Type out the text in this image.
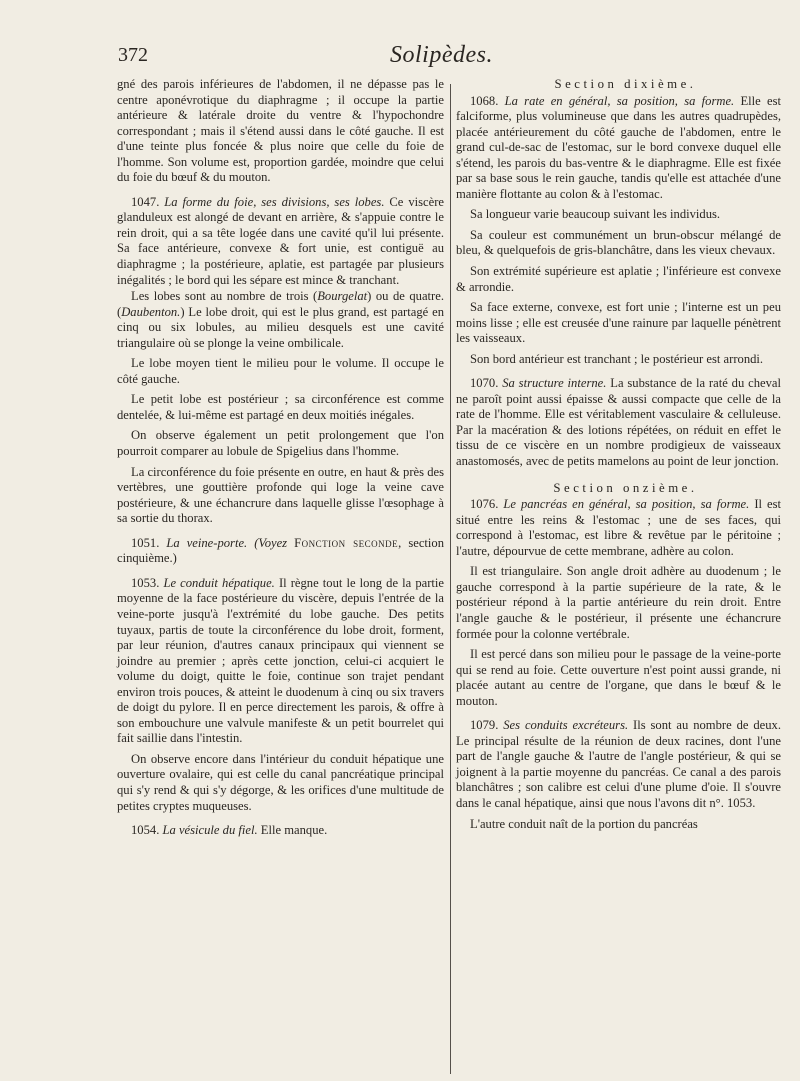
372	Solipèdes.

gné des parois inférieures de l'abdomen, il ne dépasse pas le centre aponévrotique du diaphragme ; il occupe la partie antérieure & latérale droite du ventre & l'hypochondre correspondant ; mais il s'étend aussi dans le côté gauche. Il est d'une teinte plus foncée & plus noire que celle du foie de l'homme. Son volume est, proportion gardée, moindre que celui du foie du bœuf & du mouton.

1047. La forme du foie, ses divisions, ses lobes. Ce viscère glanduleux est alongé de devant en arrière, & s'appuie contre le rein droit, qui a sa tête logée dans une cavité qu'il lui présente. Sa face antérieure, convexe & fort unie, est contiguë au diaphragme ; la postérieure, aplatie, est partagée par plusieurs inégalités ; le bord qui les sépare est mince & tranchant.

Les lobes sont au nombre de trois (Bourgelat) ou de quatre. (Daubenton.) Le lobe droit, qui est le plus grand, est partagé en cinq ou six lobules, au milieu desquels est une cavité triangulaire où se plonge la veine ombilicale.

Le lobe moyen tient le milieu pour le volume. Il occupe le côté gauche.

Le petit lobe est postérieur ; sa circonférence est comme dentelée, & lui-même est partagé en deux moitiés inégales.

On observe également un petit prolongement que l'on pourroit comparer au lobule de Spigelius dans l'homme.

La circonférence du foie présente en outre, en haut & près des vertèbres, une gouttière profonde qui loge la veine cave postérieure, & une échancrure dans laquelle glisse l'œsophage à sa sortie du thorax.

1051. La veine-porte. (Voyez Fonction seconde, section cinquième.)

1053. Le conduit hépatique. Il règne tout le long de la partie moyenne de la face postérieure du viscère, depuis l'entrée de la veine-porte jusqu'à l'extrémité du lobe gauche. Des petits tuyaux, partis de toute la circonférence du lobe droit, forment, par leur réunion, d'autres canaux principaux qui viennent se joindre au premier ; après cette jonction, celui-ci acquiert le volume du doigt, quitte le foie, continue son trajet pendant environ trois pouces, & atteint le duodenum à cinq ou six travers de doigt du pylore. Il en perce directement les parois, & offre à son embouchure une valvule manifeste & un petit bourrelet qui fait saillie dans l'intestin.

On observe encore dans l'intérieur du conduit hépatique une ouverture ovalaire, qui est celle du canal pancréatique principal qui s'y rend & qui s'y dégorge, & les orifices d'une multitude de petites cryptes muqueuses.

1054. La vésicule du fiel. Elle manque.

Section dixième.

1068. La rate en général, sa position, sa forme. Elle est falciforme, plus volumineuse que dans les autres quadrupèdes, placée antérieurement du côté gauche de l'abdomen, entre le grand cul-de-sac de l'estomac, sur le bord convexe duquel elle s'étend, les parois du bas-ventre & le diaphragme. Elle est fixée par sa base sous le rein gauche, tandis qu'elle est attachée d'une manière flottante au colon & à l'estomac.

Sa longueur varie beaucoup suivant les individus.

Sa couleur est communément un brun-obscur mélangé de bleu, & quelquefois de gris-blanchâtre, dans les vieux chevaux.

Son extrémité supérieure est aplatie ; l'inférieure est convexe & arrondie.

Sa face externe, convexe, est fort unie ; l'interne est un peu moins lisse ; elle est creusée d'une rainure par laquelle pénètrent les vaisseaux.

Son bord antérieur est tranchant ; le postérieur est arrondi.

1070. Sa structure interne. La substance de la raté du cheval ne paroît point aussi épaisse & aussi compacte que celle de la rate de l'homme. Elle est véritablement vasculaire & celluleuse. Par la macération & des lotions répétées, on réduit en effet le tissu de ce viscère en un nombre prodigieux de vaisseaux anastomosés, avec de petits mamelons au point de leur jonction.

Section onzième.

1076. Le pancréas en général, sa position, sa forme. Il est situé entre les reins & l'estomac ; une de ses faces, qui correspond à l'estomac, est libre & revêtue par le péritoine ; l'autre, dépourvue de cette membrane, adhère au colon.

Il est triangulaire. Son angle droit adhère au duodenum ; le gauche correspond à la partie supérieure de la rate, & le postérieur répond à la partie antérieure du rein droit. Entre l'angle gauche & le postérieur, il présente une échancrure formée pour la colonne vertébrale.

Il est percé dans son milieu pour le passage de la veine-porte qui se rend au foie. Cette ouverture n'est point aussi grande, ni placée autant au centre de l'organe, que dans le bœuf & le mouton.

1079. Ses conduits excréteurs. Ils sont au nombre de deux. Le principal résulte de la réunion de deux racines, dont l'une part de l'angle gauche & l'autre de l'angle postérieur, & qui se joignent à la partie moyenne du pancréas. Ce canal a des parois blanchâtres ; son calibre est celui d'une plume d'oie. Il s'ouvre dans le canal hépatique, ainsi que nous l'avons dit n°. 1053.

L'autre conduit naît de la portion du pancréas
